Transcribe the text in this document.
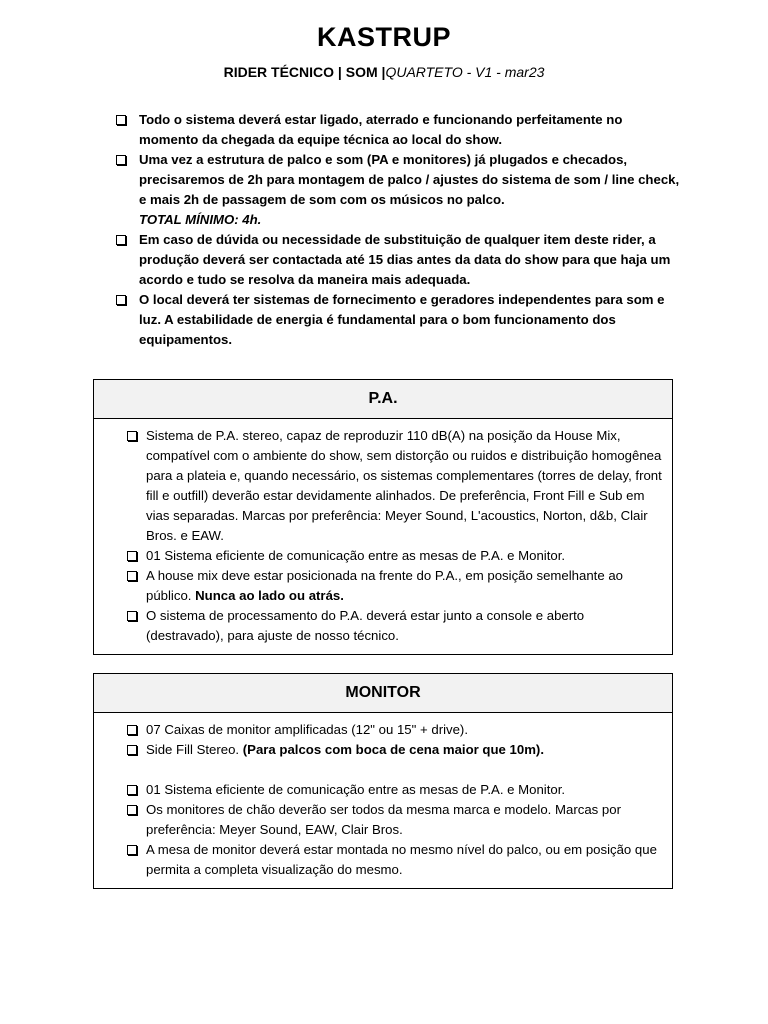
KASTRUP
RIDER TÉCNICO | SOM |QUARTETO - V1 - mar23

Todo o sistema deverá estar ligado, aterrado e funcionando perfeitamente no momento da chegada da equipe técnica ao local do show.

Uma vez a estrutura de palco e som (PA e monitores) já plugados e checados, precisaremos de 2h para montagem de palco / ajustes do sistema de som / line check, e mais 2h de passagem de som com os músicos no palco.
TOTAL MÍNIMO: 4h.

Em caso de dúvida ou necessidade de substituição de qualquer item deste rider, a produção deverá ser contactada até 15 dias antes da data do show para que haja um acordo e tudo se resolva da maneira mais adequada.

O local deverá ter sistemas de fornecimento e geradores independentes para som e luz. A estabilidade de energia é fundamental para o bom funcionamento dos equipamentos.

P.A.

Sistema de P.A. stereo, capaz de reproduzir 110 dB(A) na posição da House Mix, compatível com o ambiente do show, sem distorção ou ruidos e distribuição homogênea para a plateia e, quando necessário, os sistemas complementares (torres de delay, front fill e outfill) deverão estar devidamente alinhados. De preferência, Front Fill e Sub em vias separadas. Marcas por preferência: Meyer Sound, L'acoustics, Norton, d&b, Clair Bros. e EAW.

01 Sistema eficiente de comunicação entre as mesas de P.A. e Monitor.

A house mix deve estar posicionada na frente do P.A., em posição semelhante ao público. Nunca ao lado ou atrás.

O sistema de processamento do P.A. deverá estar junto a console e aberto (destravado), para ajuste de nosso técnico.

MONITOR

07 Caixas de monitor amplificadas (12" ou 15" + drive).

Side Fill Stereo. (Para palcos com boca de cena maior que 10m).

01 Sistema eficiente de comunicação entre as mesas de P.A. e Monitor.

Os monitores de chão deverão ser todos da mesma marca e modelo. Marcas por preferência: Meyer Sound, EAW, Clair Bros.

A mesa de monitor deverá estar montada no mesmo nível do palco, ou em posição que permita a completa visualização do mesmo.
